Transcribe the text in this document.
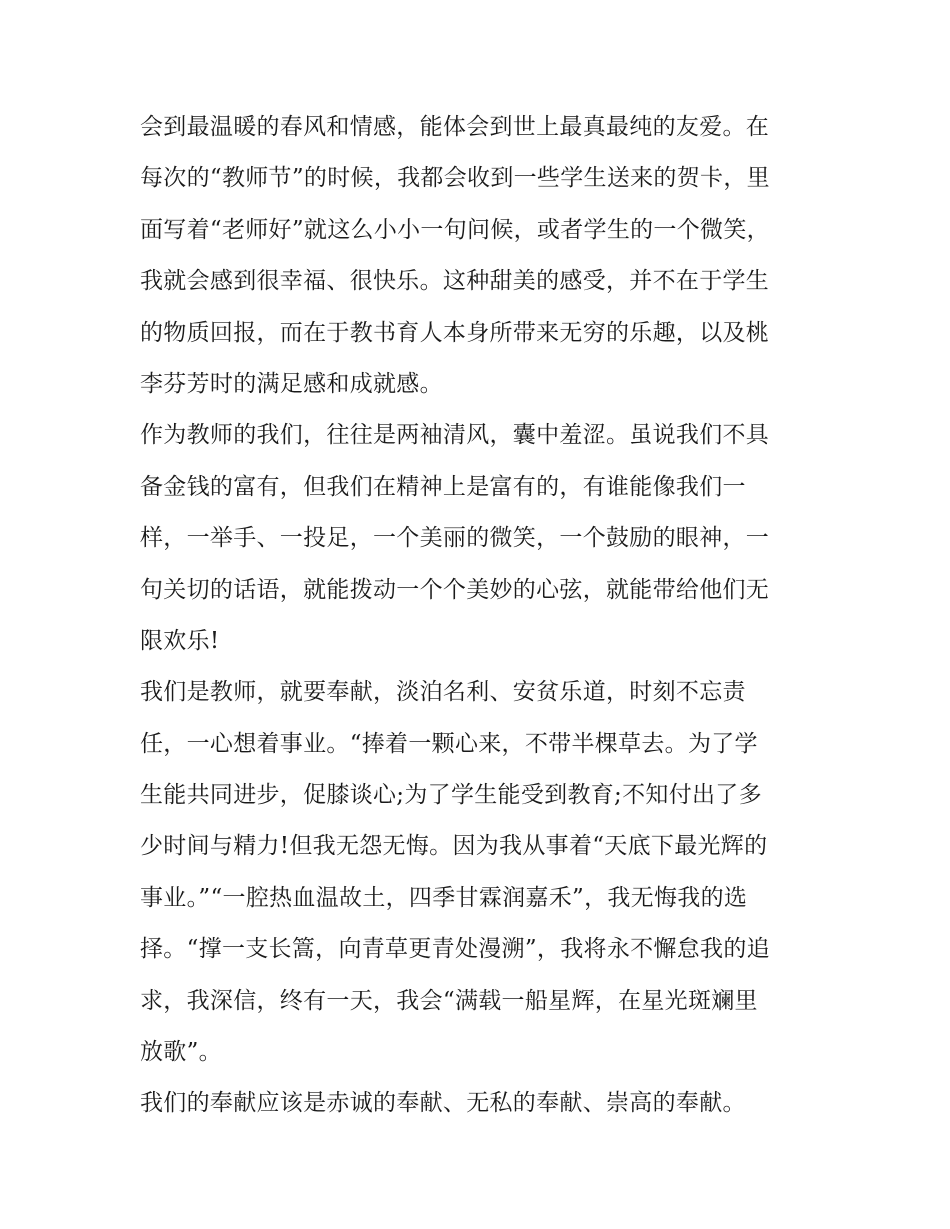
会到最温暖的春风和情感，能体会到世上最真最纯的友爱。在
每次的“教师节”的时候，我都会收到一些学生送来的贺卡，里
面写着“老师好”就这么小小一句问候，或者学生的一个微笑，
我就会感到很幸福、很快乐。这种甜美的感受，并不在于学生
的物质回报，而在于教书育人本身所带来无穷的乐趣，以及桃
李芬芳时的满足感和成就感。
作为教师的我们，往往是两袖清风，囊中羞涩。虽说我们不具
备金钱的富有，但我们在精神上是富有的，有谁能像我们一
样，一举手、一投足，一个美丽的微笑，一个鼓励的眼神，一
句关切的话语，就能拨动一个个美妙的心弦，就能带给他们无
限欢乐!
我们是教师，就要奉献，淡泊名利、安贫乐道，时刻不忘责
任，一心想着事业。“捧着一颗心来，不带半棵草去。为了学
生能共同进步，促膝谈心;为了学生能受到教育;不知付出了多
少时间与精力!但我无怨无悔。因为我从事着“天底下最光辉的
事业。”“一腔热血温故土，四季甘霖润嘉禾”，我无悔我的选
择。“撑一支长篙，向青草更青处漫溯”，我将永不懈怠我的追
求，我深信，终有一天，我会“满载一船星辉，在星光斑斓里
放歌”。
我们的奉献应该是赤诚的奉献、无私的奉献、崇高的奉献。
